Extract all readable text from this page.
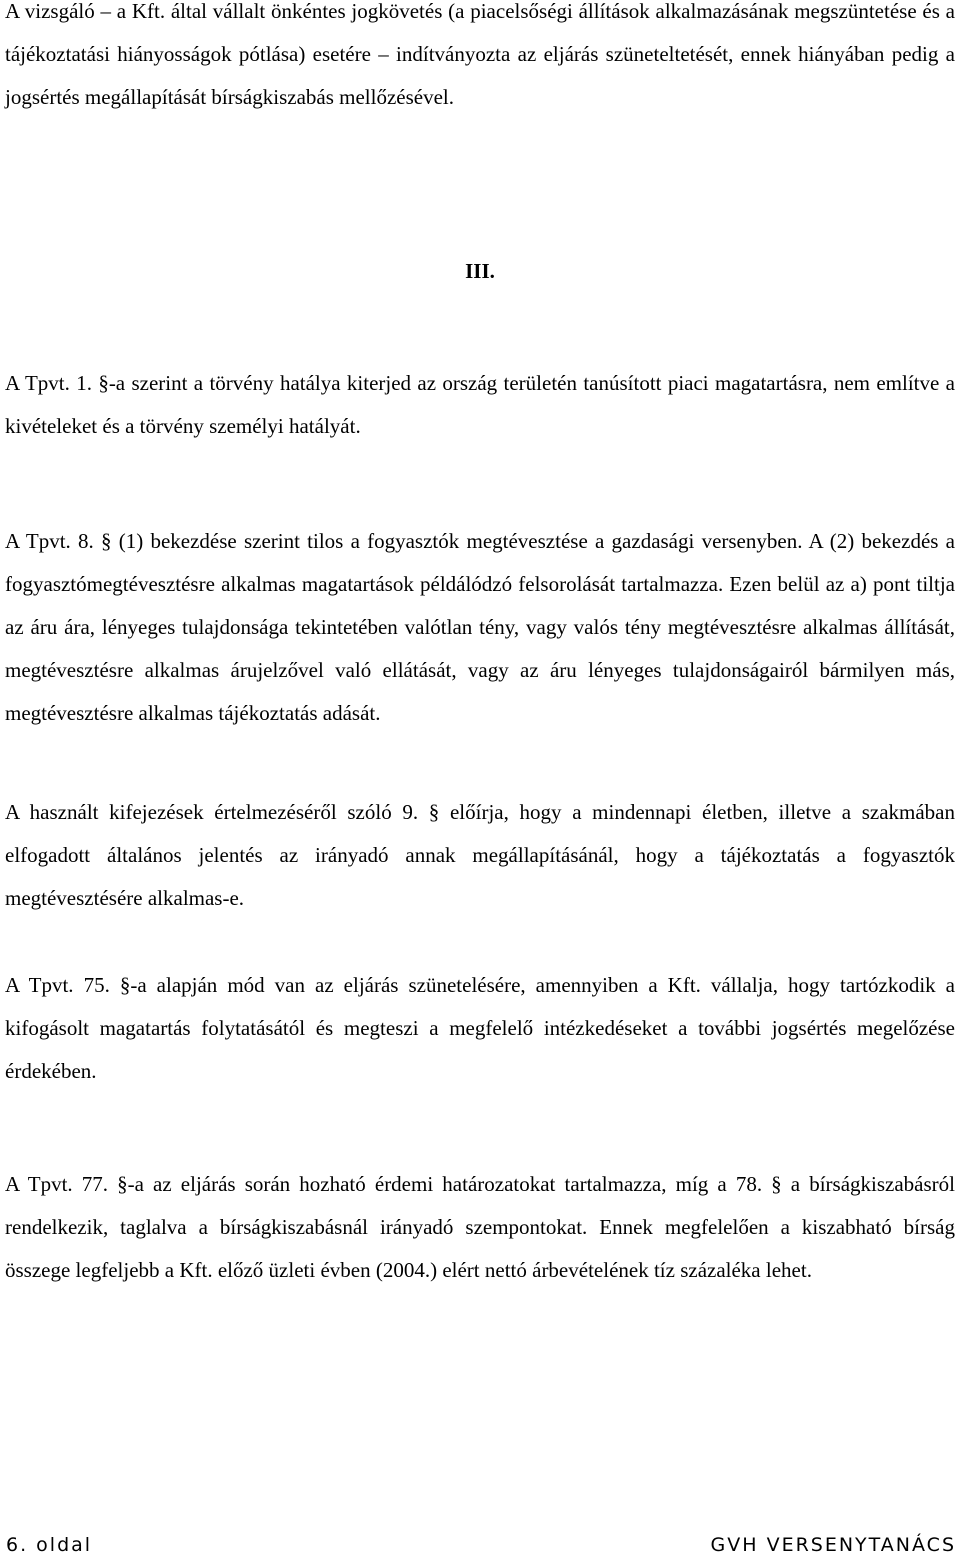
A vizsgáló – a Kft. által vállalt önkéntes jogkövetés (a piacelsőségi állítások alkalmazásának megszüntetése és a tájékoztatási hiányosságok pótlása) esetére – indítványozta az eljárás szüneteltetését, ennek hiányában pedig a jogsértés megállapítását bírságkiszabás mellőzésével.

III.

A Tpvt. 1. §-a szerint a törvény hatálya kiterjed az ország területén tanúsított piaci magatartásra, nem említve a kivételeket és a törvény személyi hatályát.

A Tpvt. 8. § (1) bekezdése szerint tilos a fogyasztók megtévesztése a gazdasági versenyben. A (2) bekezdés a fogyasztómegtévesztésre alkalmas magatartások példálódzó felsorolását tartalmazza. Ezen belül az a) pont tiltja az áru ára, lényeges tulajdonsága tekintetében valótlan tény, vagy valós tény megtévesztésre alkalmas állítását, megtévesztésre alkalmas árujelzővel való ellátását, vagy az áru lényeges tulajdonságairól bármilyen más, megtévesztésre alkalmas tájékoztatás adását.

A használt kifejezések értelmezéséről szóló 9. § előírja, hogy a mindennapi életben, illetve a szakmában elfogadott általános jelentés az irányadó annak megállapításánál, hogy a tájékoztatás a fogyasztók megtévesztésére alkalmas-e.

A Tpvt. 75. §-a alapján mód van az eljárás szünetelésére, amennyiben a Kft. vállalja, hogy tartózkodik a kifogásolt magatartás folytatásától és megteszi a megfelelő intézkedéseket a további jogsértés megelőzése érdekében.

A Tpvt. 77. §-a az eljárás során hozható érdemi határozatokat tartalmazza, míg a 78. § a bírságkiszabásról rendelkezik, taglalva a bírságkiszabásnál irányadó szempontokat. Ennek megfelelően a kiszabható bírság összege legfeljebb a Kft. előző üzleti évben (2004.) elért nettó árbevételének tíz százaléka lehet.

6. oldal	GVH VERSENYTANÁCS
